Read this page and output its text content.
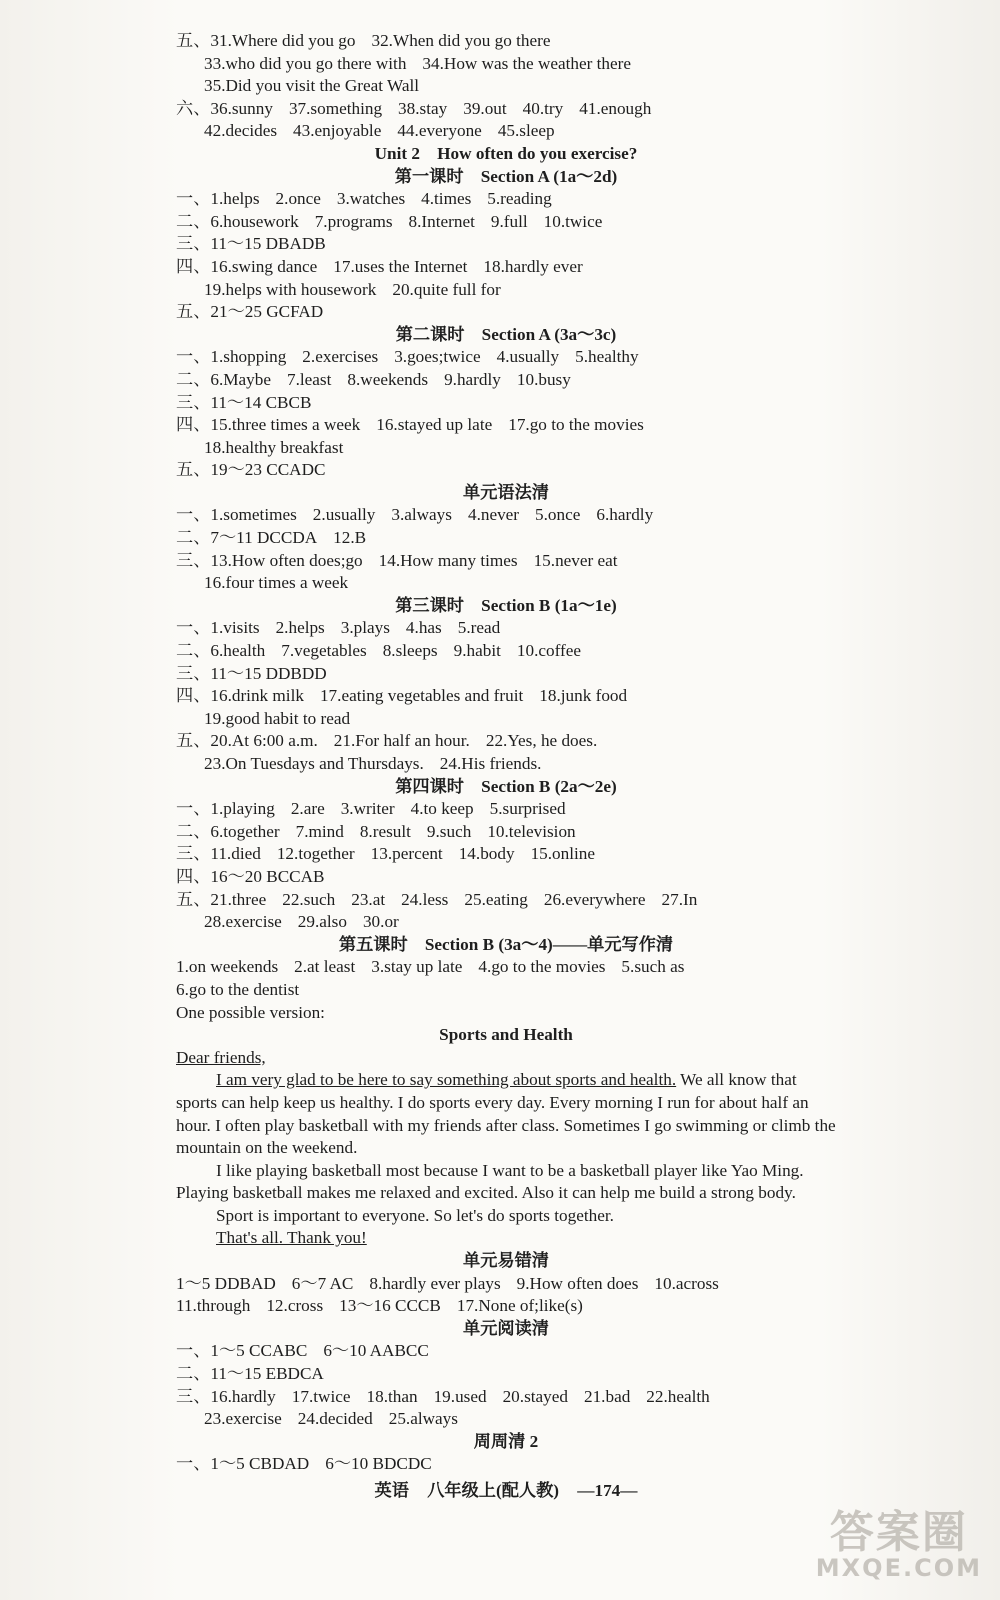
五、31.Where did you go 32.When did you go there
33.who did you go there with 34.How was the weather there
35.Did you visit the Great Wall
六、36.sunny 37.something 38.stay 39.out 40.try 41.enough
42.decides 43.enjoyable 44.everyone 45.sleep
Unit 2　How often do you exercise?
第一课时　Section A (1a～2d)
一、1.helps 2.once 3.watches 4.times 5.reading
二、6.housework 7.programs 8.Internet 9.full 10.twice
三、11～15 DBADB
四、16.swing dance 17.uses the Internet 18.hardly ever
19.helps with housework 20.quite full for
五、21～25 GCFAD
第二课时　Section A (3a～3c)
一、1.shopping 2.exercises 3.goes;twice 4.usually 5.healthy
二、6.Maybe 7.least 8.weekends 9.hardly 10.busy
三、11～14 CBCB
四、15.three times a week 16.stayed up late 17.go to the movies
18.healthy breakfast
五、19～23 CCADC
单元语法清
一、1.sometimes 2.usually 3.always 4.never 5.once 6.hardly
二、7～11 DCCDA 12.B
三、13.How often does;go 14.How many times 15.never eat
16.four times a week
第三课时　Section B (1a～1e)
一、1.visits 2.helps 3.plays 4.has 5.read
二、6.health 7.vegetables 8.sleeps 9.habit 10.coffee
三、11～15 DDBDD
四、16.drink milk 17.eating vegetables and fruit 18.junk food
19.good habit to read
五、20.At 6:00 a.m. 21.For half an hour. 22.Yes, he does.
23.On Tuesdays and Thursdays. 24.His friends.
第四课时　Section B (2a～2e)
一、1.playing 2.are 3.writer 4.to keep 5.surprised
二、6.together 7.mind 8.result 9.such 10.television
三、11.died 12.together 13.percent 14.body 15.online
四、16～20 BCCAB
五、21.three 22.such 23.at 24.less 25.eating 26.everywhere 27.In
28.exercise 29.also 30.or
第五课时　Section B (3a～4)——单元写作清
1.on weekends 2.at least 3.stay up late 4.go to the movies 5.such as
6.go to the dentist
One possible version:
Sports and Health
Dear friends,
I am very glad to be here to say something about sports and health. We all know that sports can help keep us healthy. I do sports every day. Every morning I run for about half an hour. I often play basketball with my friends after class. Sometimes I go swimming or climb the mountain on the weekend.
I like playing basketball most because I want to be a basketball player like Yao Ming. Playing basketball makes me relaxed and excited. Also it can help me build a strong body.
Sport is important to everyone. So let's do sports together.
That's all. Thank you!
单元易错清
1～5 DDBAD 6～7 AC 8.hardly ever plays 9.How often does 10.across
11.through 12.cross 13～16 CCCB 17.None of;like(s)
单元阅读清
一、1～5 CCABC 6～10 AABCC
二、11～15 EBDCA
三、16.hardly 17.twice 18.than 19.used 20.stayed 21.bad 22.health
23.exercise 24.decided 25.always
周周清 2
一、1～5 CBDAD 6～10 BDCDC
英语 八年级上(配人教) —174—
答案圈
MXQE.COM
